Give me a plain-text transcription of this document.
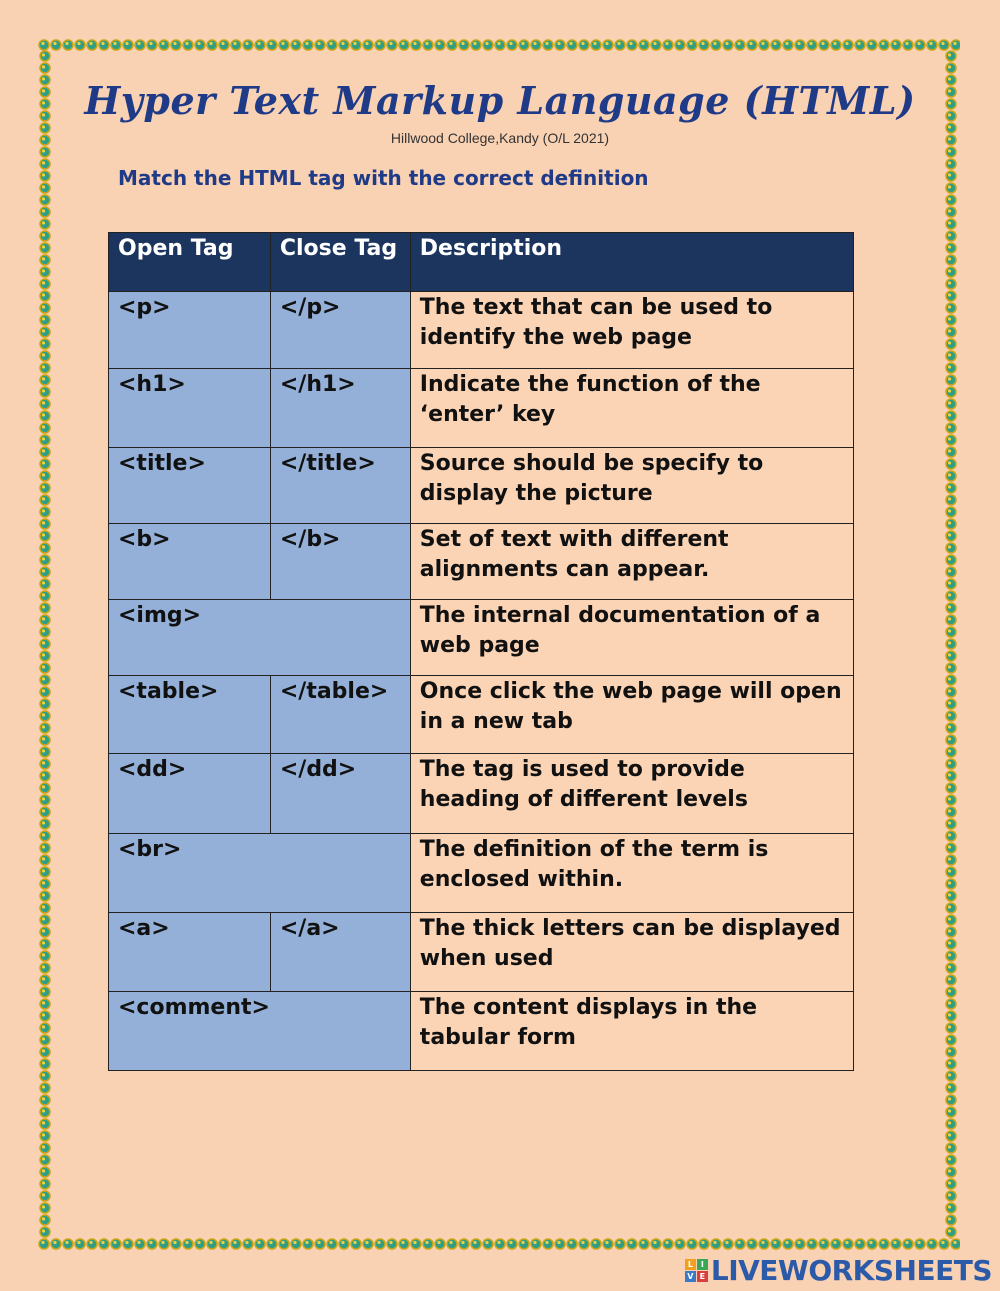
Hyper Text Markup Language (HTML)
Hillwood College,Kandy (O/L 2021)
Match the HTML tag with the correct definition
Open Tag	Close Tag	Description
<p>	</p>	The text that can be used to identify the web page
<h1>	</h1>	Indicate the function of the ‘enter’ key
<title>	</title>	Source should be specify to display the picture
<b>	</b>	Set of text with different alignments can appear.
<img>		The internal documentation of a web page
<table>	</table>	Once click the web page will open in a new tab
<dd>	</dd>	The tag is used to provide heading of different levels
<br>		The definition of the term is enclosed within.
<a>	</a>	The thick letters can be displayed when used
<comment>		The content displays in the tabular form
L I
V E LIVEWORKSHEETS
